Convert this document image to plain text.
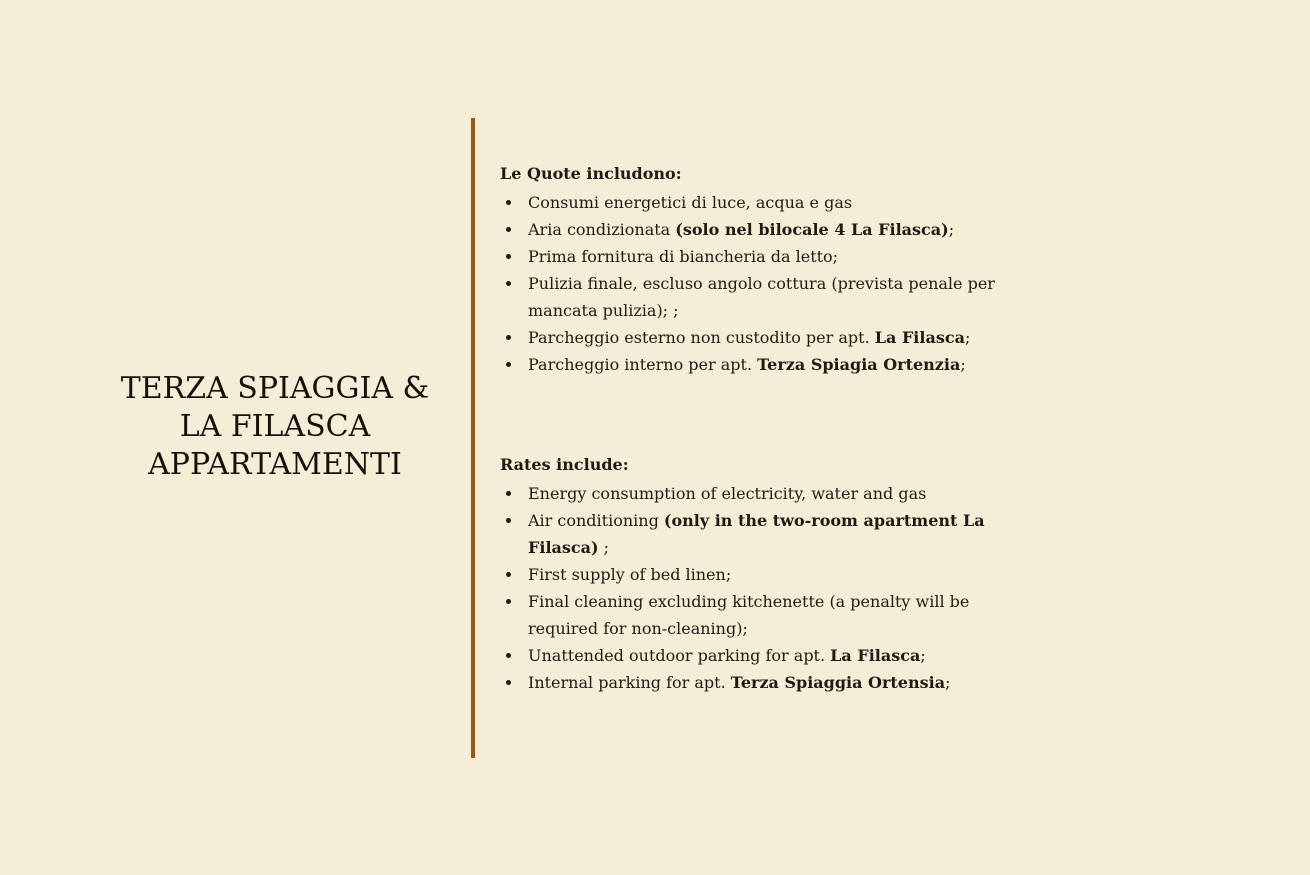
TERZA SPIAGGIA &
LA FILASCA
APPARTAMENTI
Le Quote includono:
Consumi energetici di luce, acqua e gas
Aria condizionata (solo nel bilocale 4 La Filasca);
Prima fornitura di biancheria da letto;
Pulizia finale, escluso angolo cottura (prevista penale per mancata pulizia); ;
Parcheggio esterno non custodito per apt. La Filasca;
Parcheggio interno per apt. Terza Spiagia Ortenzia;
Rates include:
Energy consumption of electricity, water and gas
Air conditioning (only in the two-room apartment La Filasca) ;
First supply of bed linen;
Final cleaning excluding kitchenette (a penalty will be required for non-cleaning);
Unattended outdoor parking for apt. La Filasca;
Internal parking for apt. Terza Spiaggia Ortensia;
